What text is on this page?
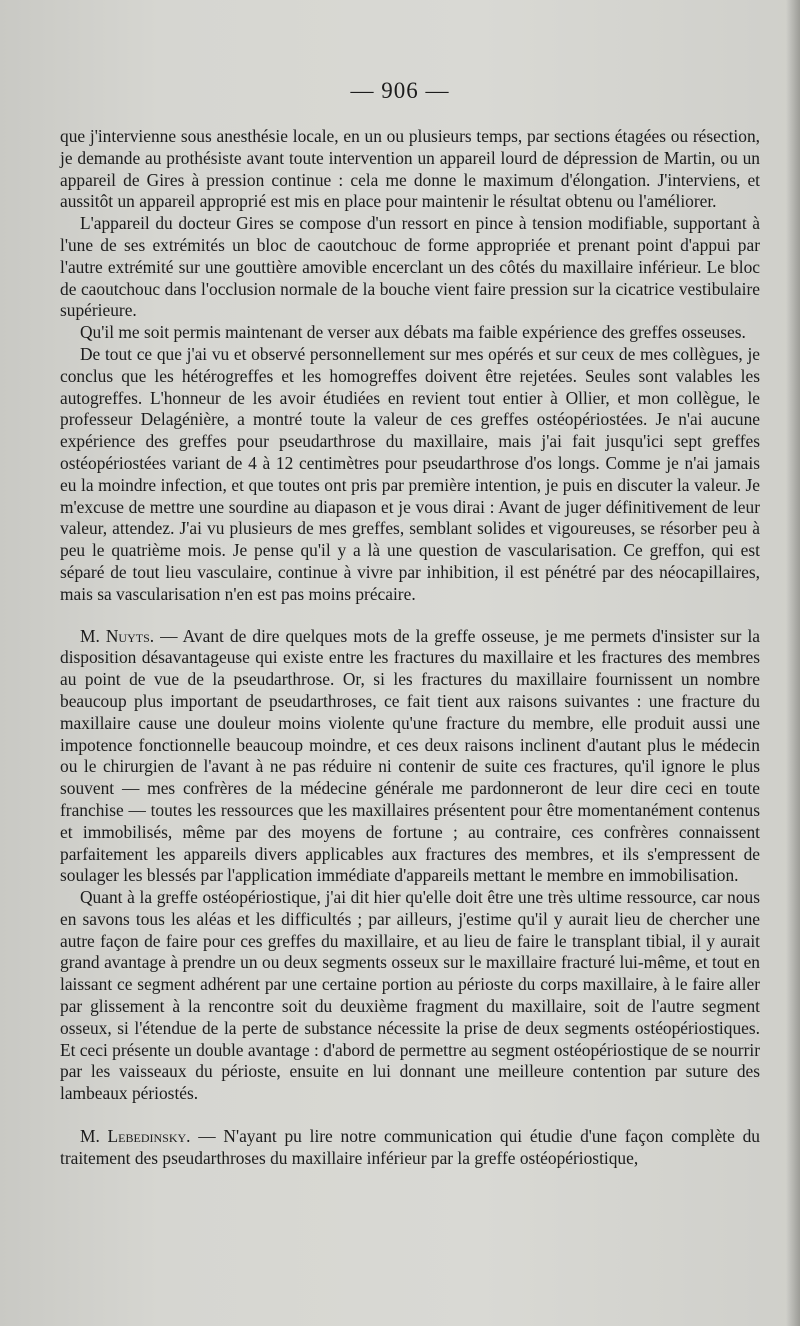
— 906 —

que j'intervienne sous anesthésie locale, en un ou plusieurs temps, par sections étagées ou résection, je demande au prothésiste avant toute intervention un appareil lourd de dépression de Martin, ou un appareil de Gires à pression continue : cela me donne le maximum d'élongation. J'interviens, et aussitôt un appareil approprié est mis en place pour maintenir le résultat obtenu ou l'améliorer.

L'appareil du docteur Gires se compose d'un ressort en pince à tension modifiable, supportant à l'une de ses extrémités un bloc de caoutchouc de forme appropriée et prenant point d'appui par l'autre extrémité sur une gouttière amovible encerclant un des côtés du maxillaire inférieur. Le bloc de caoutchouc dans l'occlusion normale de la bouche vient faire pression sur la cicatrice vestibulaire supérieure.

Qu'il me soit permis maintenant de verser aux débats ma faible expérience des greffes osseuses.

De tout ce que j'ai vu et observé personnellement sur mes opérés et sur ceux de mes collègues, je conclus que les hétérogreffes et les homogreffes doivent être rejetées. Seules sont valables les autogreffes. L'honneur de les avoir étudiées en revient tout entier à Ollier, et mon collègue, le professeur Delagénière, a montré toute la valeur de ces greffes ostéopériostées. Je n'ai aucune expérience des greffes pour pseudarthrose du maxillaire, mais j'ai fait jusqu'ici sept greffes ostéopériostées variant de 4 à 12 centimètres pour pseudarthrose d'os longs. Comme je n'ai jamais eu la moindre infection, et que toutes ont pris par première intention, je puis en discuter la valeur. Je m'excuse de mettre une sourdine au diapason et je vous dirai : Avant de juger définitivement de leur valeur, attendez. J'ai vu plusieurs de mes greffes, semblant solides et vigoureuses, se résorber peu à peu le quatrième mois. Je pense qu'il y a là une question de vascularisation. Ce greffon, qui est séparé de tout lieu vasculaire, continue à vivre par inhibition, il est pénétré par des néocapillaires, mais sa vascularisation n'en est pas moins précaire.

M. Nuyts. — Avant de dire quelques mots de la greffe osseuse, je me permets d'insister sur la disposition désavantageuse qui existe entre les fractures du maxillaire et les fractures des membres au point de vue de la pseudarthrose. Or, si les fractures du maxillaire fournissent un nombre beaucoup plus important de pseudarthroses, ce fait tient aux raisons suivantes : une fracture du maxillaire cause une douleur moins violente qu'une fracture du membre, elle produit aussi une impotence fonctionnelle beaucoup moindre, et ces deux raisons inclinent d'autant plus le médecin ou le chirurgien de l'avant à ne pas réduire ni contenir de suite ces fractures, qu'il ignore le plus souvent — mes confrères de la médecine générale me pardonneront de leur dire ceci en toute franchise — toutes les ressources que les maxillaires présentent pour être momentanément contenus et immobilisés, même par des moyens de fortune ; au contraire, ces confrères connaissent parfaitement les appareils divers applicables aux fractures des membres, et ils s'empressent de soulager les blessés par l'application immédiate d'appareils mettant le membre en immobilisation.

Quant à la greffe ostéopériostique, j'ai dit hier qu'elle doit être une très ultime ressource, car nous en savons tous les aléas et les difficultés ; par ailleurs, j'estime qu'il y aurait lieu de chercher une autre façon de faire pour ces greffes du maxillaire, et au lieu de faire le transplant tibial, il y aurait grand avantage à prendre un ou deux segments osseux sur le maxillaire fracturé lui-même, et tout en laissant ce segment adhérent par une certaine portion au périoste du corps maxillaire, à le faire aller par glissement à la rencontre soit du deuxième fragment du maxillaire, soit de l'autre segment osseux, si l'étendue de la perte de substance nécessite la prise de deux segments ostéopériostiques. Et ceci présente un double avantage : d'abord de permettre au segment ostéopériostique de se nourrir par les vaisseaux du périoste, ensuite en lui donnant une meilleure contention par suture des lambeaux périostés.

M. Lebedinsky. — N'ayant pu lire notre communication qui étudie d'une façon complète du traitement des pseudarthroses du maxillaire inférieur par la greffe ostéopériostique,
